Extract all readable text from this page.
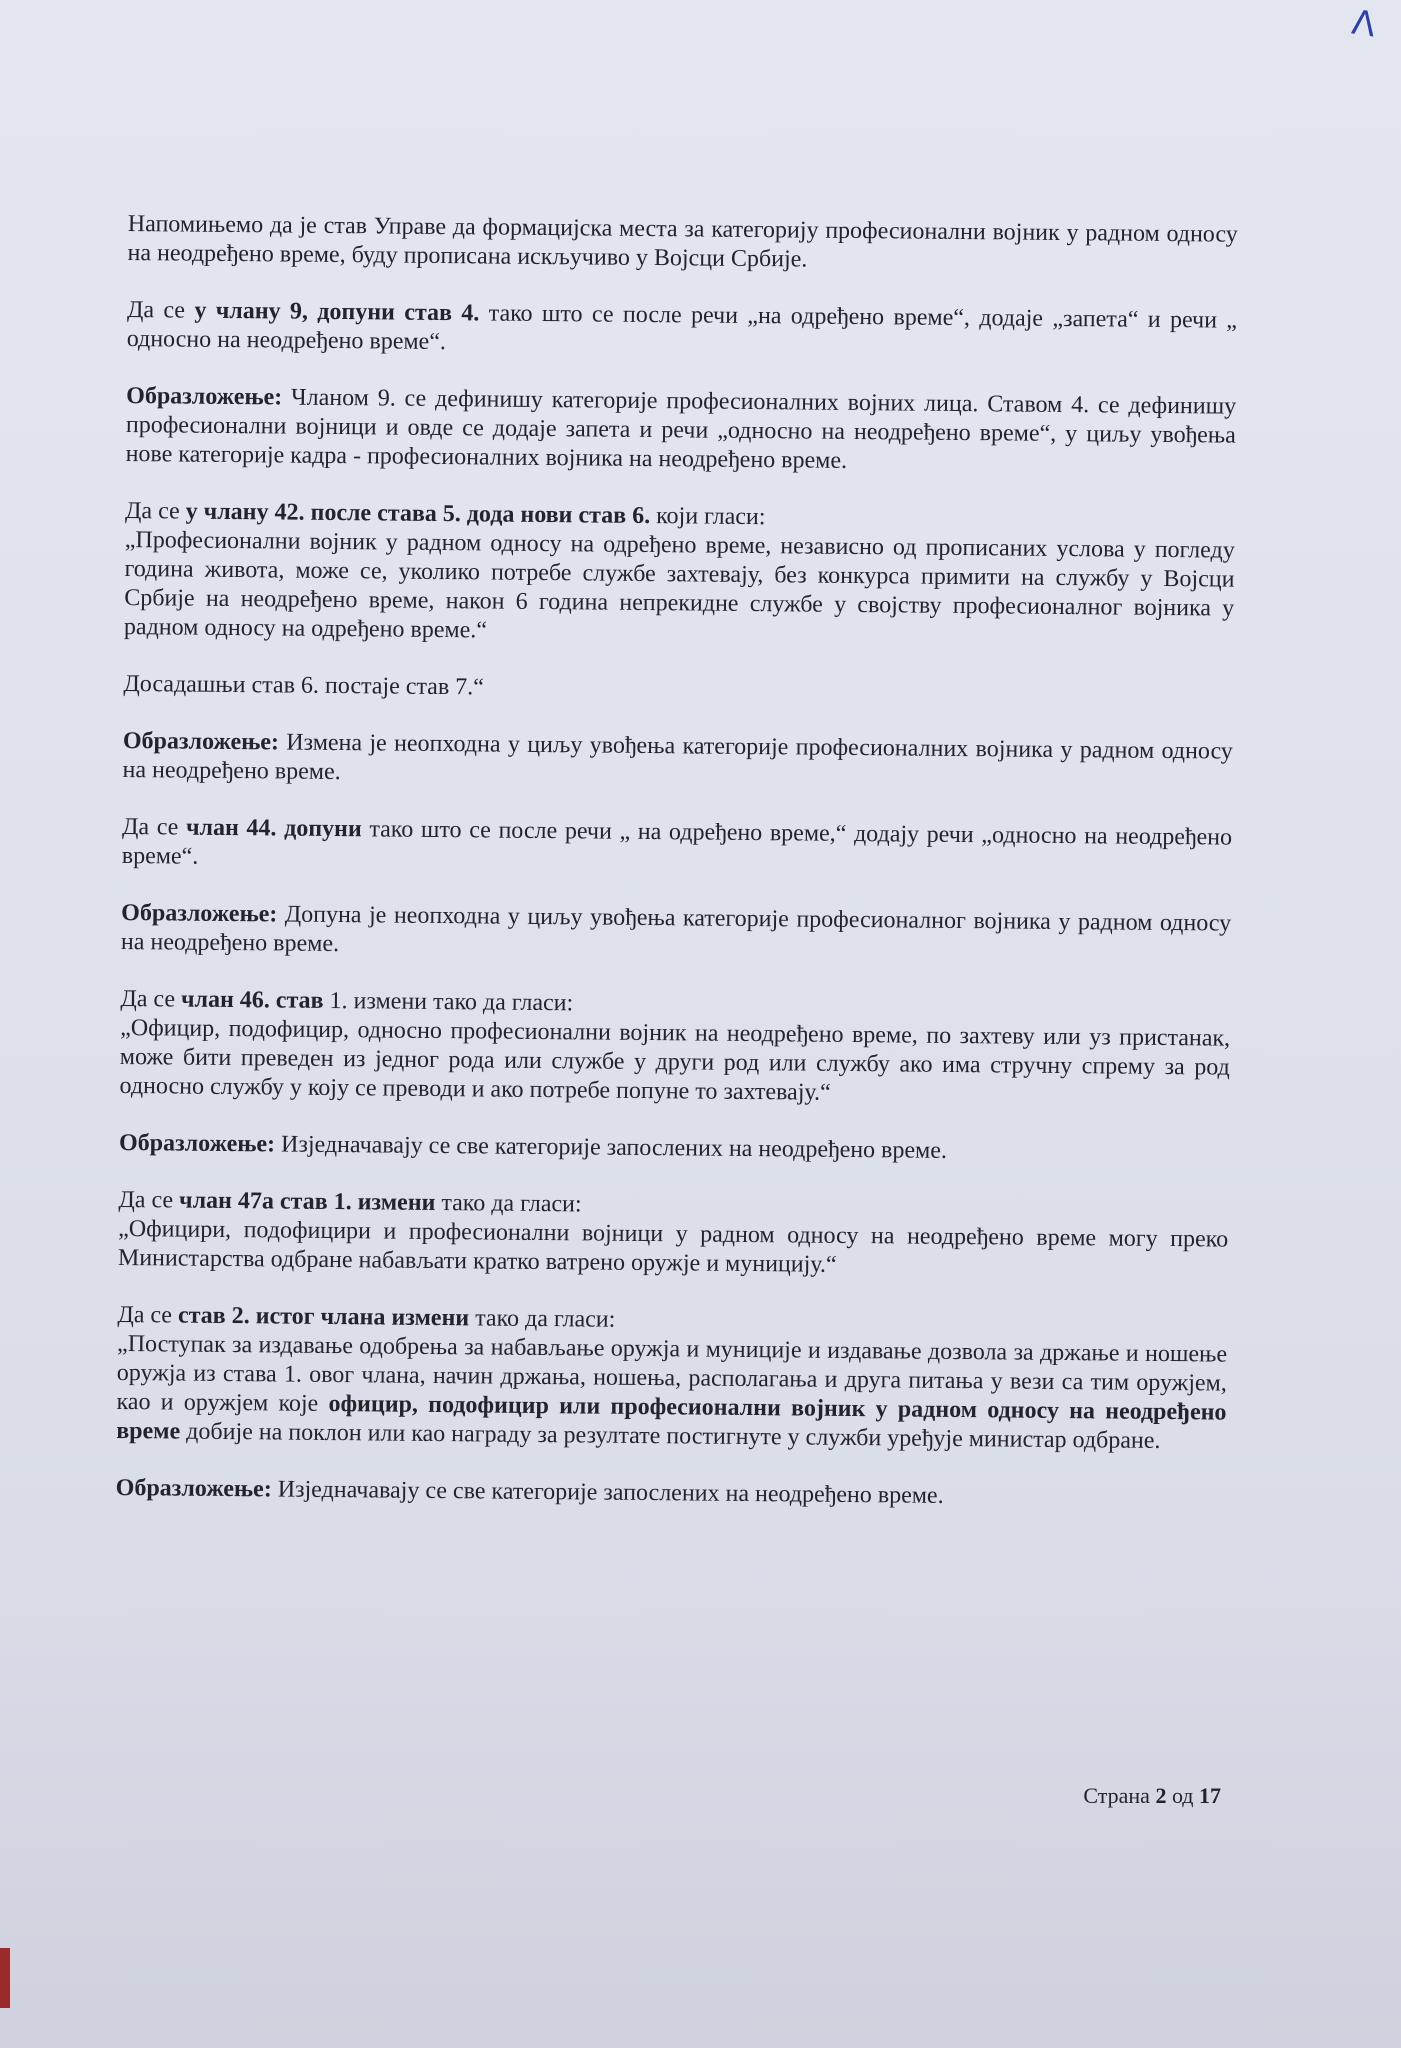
Λ
Напомињемо да је став Управе да формацијска места за категорију професионални војник у радном односу на неодређено време, буду прописана искључиво у Војсци Србије.
Да се у члану 9, допуни став 4. тако што се после речи „на одређено време“, додаје „запета“ и речи „ односно на неодређено време“.
Образложење: Чланом 9. се дефинишу категорије професионалних војних лица. Ставом 4. се дефинишу професионални војници и овде се додаје запета и речи „односно на неодређено време“, у циљу увођења нове категорије кадра - професионалних војника на неодређено време.
Да се у члану 42. после става 5. дода нови став 6. који гласи:
„Професионални војник у радном односу на одређено време, независно од прописаних услова у погледу година живота, може се, уколико потребе службе захтевају, без конкурса примити на службу у Војсци Србије на неодређено време, након 6 година непрекидне службе у својству професионалног војника у радном односу на одређено време.“
Досадашњи став 6. постаје став 7.“
Образложење: Измена је неопходна у циљу увођења категорије професионалних војника у радном односу на неодређено време.
Да се члан 44. допуни тако што се после речи „ на одређено време,“ додају речи „односно на неодређено време“.
Образложење: Допуна је неопходна у циљу увођења категорије професионалног војника у радном односу на неодређено време.
Да се члан 46. став 1. измени тако да гласи:
„Официр, подофицир, односно професионални војник на неодређено време, по захтеву или уз пристанак, може бити преведен из једног рода или службе у други род или службу ако има стручну спрему за род односно службу у коју се преводи и ако потребе попуне то захтевају.“
Образложење: Изједначавају се све категорије запослених на неодређено време.
Да се члан 47а став 1. измени тако да гласи:
„Официри, подофицири и професионални војници у радном односу на неодређено време могу преко Министарства одбране набављати кратко ватрено оружје и муницију.“
Да се став 2. истог члана измени тако да гласи:
„Поступак за издавање одобрења за набављање оружја и муниције и издавање дозвола за држање и ношење оружја из става 1. овог члана, начин држања, ношења, располагања и друга питања у вези са тим оружјем, као и оружјем које официр, подофицир или професионални војник у радном односу на неодређено време добије на поклон или као награду за резултате постигнуте у служби уређује министар одбране.
Образложење: Изједначавају се све категорије запослених на неодређено време.
Страна 2 од 17
